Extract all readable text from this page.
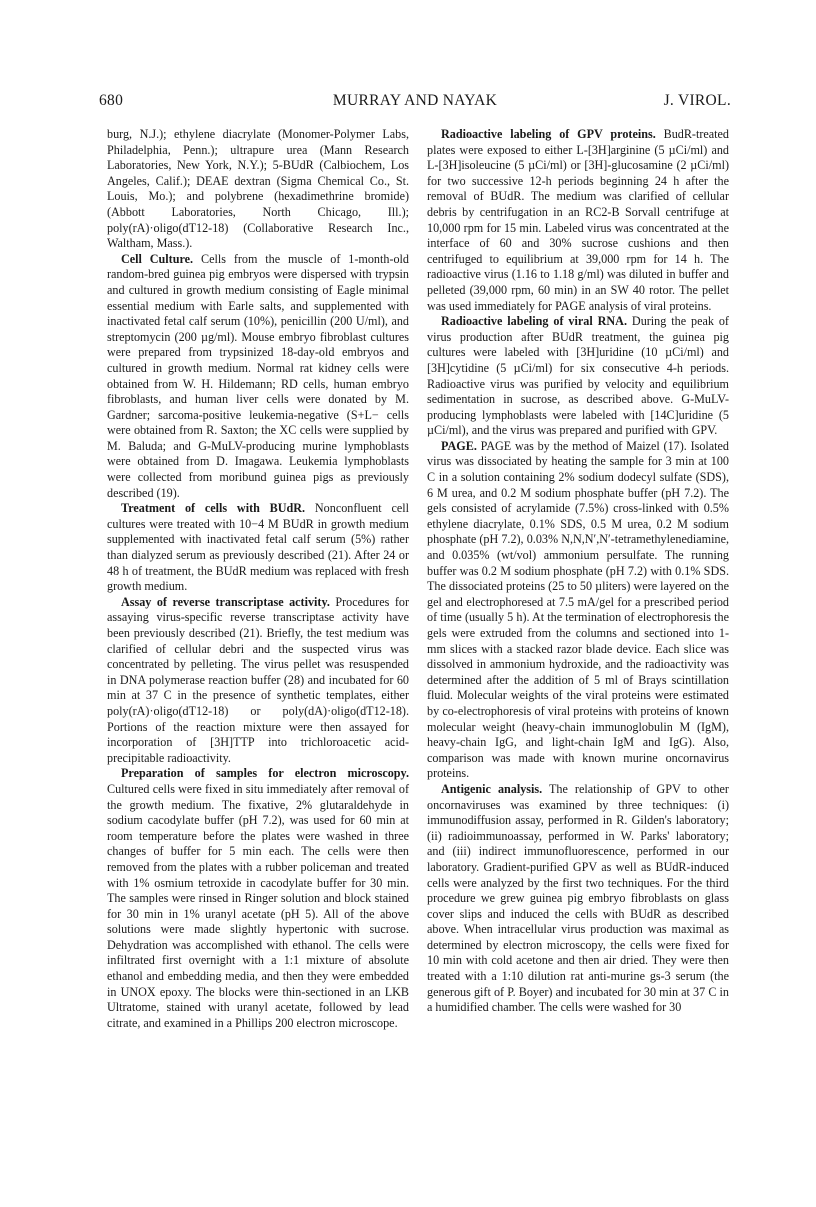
680	MURRAY AND NAYAK	J. VIROL.

burg, N.J.); ethylene diacrylate (Monomer-Polymer Labs, Philadelphia, Penn.); ultrapure urea (Mann Research Laboratories, New York, N.Y.); 5-BUdR (Calbiochem, Los Angeles, Calif.); DEAE dextran (Sigma Chemical Co., St. Louis, Mo.); and polybrene (hexadimethrine bromide) (Abbott Laboratories, North Chicago, Ill.); poly(rA)·oligo(dT12-18) (Collaborative Research Inc., Waltham, Mass.).

Cell Culture. Cells from the muscle of 1-month-old random-bred guinea pig embryos were dispersed with trypsin and cultured in growth medium consisting of Eagle minimal essential medium with Earle salts, and supplemented with inactivated fetal calf serum (10%), penicillin (200 U/ml), and streptomycin (200 µg/ml). Mouse embryo fibroblast cultures were prepared from trypsinized 18-day-old embryos and cultured in growth medium. Normal rat kidney cells were obtained from W. H. Hildemann; RD cells, human embryo fibroblasts, and human liver cells were donated by M. Gardner; sarcoma-positive leukemia-negative (S+L− cells were obtained from R. Saxton; the XC cells were supplied by M. Baluda; and G-MuLV-producing murine lymphoblasts were obtained from D. Imagawa. Leukemia lymphoblasts were collected from moribund guinea pigs as previously described (19).

Treatment of cells with BUdR. Nonconfluent cell cultures were treated with 10−4 M BUdR in growth medium supplemented with inactivated fetal calf serum (5%) rather than dialyzed serum as previously described (21). After 24 or 48 h of treatment, the BUdR medium was replaced with fresh growth medium.

Assay of reverse transcriptase activity. Procedures for assaying virus-specific reverse transcriptase activity have been previously described (21). Briefly, the test medium was clarified of cellular debri and the suspected virus was concentrated by pelleting. The virus pellet was resuspended in DNA polymerase reaction buffer (28) and incubated for 60 min at 37 C in the presence of synthetic templates, either poly(rA)·oligo(dT12-18) or poly(dA)·oligo(dT12-18). Portions of the reaction mixture were then assayed for incorporation of [3H]TTP into trichloroacetic acid-precipitable radioactivity.

Preparation of samples for electron microscopy. Cultured cells were fixed in situ immediately after removal of the growth medium. The fixative, 2% glutaraldehyde in sodium cacodylate buffer (pH 7.2), was used for 60 min at room temperature before the plates were washed in three changes of buffer for 5 min each. The cells were then removed from the plates with a rubber policeman and treated with 1% osmium tetroxide in cacodylate buffer for 30 min. The samples were rinsed in Ringer solution and block stained for 30 min in 1% uranyl acetate (pH 5). All of the above solutions were made slightly hypertonic with sucrose. Dehydration was accomplished with ethanol. The cells were infiltrated first overnight with a 1:1 mixture of absolute ethanol and embedding media, and then they were embedded in UNOX epoxy. The blocks were thin-sectioned in an LKB Ultratome, stained with uranyl acetate, followed by lead citrate, and examined in a Phillips 200 electron microscope.

Radioactive labeling of GPV proteins. BudR-treated plates were exposed to either L-[3H]arginine (5 µCi/ml) and L-[3H]isoleucine (5 µCi/ml) or [3H]-glucosamine (2 µCi/ml) for two successive 12-h periods beginning 24 h after the removal of BUdR. The medium was clarified of cellular debris by centrifugation in an RC2-B Sorvall centrifuge at 10,000 rpm for 15 min. Labeled virus was concentrated at the interface of 60 and 30% sucrose cushions and then centrifuged to equilibrium at 39,000 rpm for 14 h. The radioactive virus (1.16 to 1.18 g/ml) was diluted in buffer and pelleted (39,000 rpm, 60 min) in an SW 40 rotor. The pellet was used immediately for PAGE analysis of viral proteins.

Radioactive labeling of viral RNA. During the peak of virus production after BUdR treatment, the guinea pig cultures were labeled with [3H]uridine (10 µCi/ml) and [3H]cytidine (5 µCi/ml) for six consecutive 4-h periods. Radioactive virus was purified by velocity and equilibrium sedimentation in sucrose, as described above. G-MuLV-producing lymphoblasts were labeled with [14C]uridine (5 µCi/ml), and the virus was prepared and purified with GPV.

PAGE. PAGE was by the method of Maizel (17). Isolated virus was dissociated by heating the sample for 3 min at 100 C in a solution containing 2% sodium dodecyl sulfate (SDS), 6 M urea, and 0.2 M sodium phosphate buffer (pH 7.2). The gels consisted of acrylamide (7.5%) cross-linked with 0.5% ethylene diacrylate, 0.1% SDS, 0.5 M urea, 0.2 M sodium phosphate (pH 7.2), 0.03% N,N,N′,N′-tetramethylenediamine, and 0.035% (wt/vol) ammonium persulfate. The running buffer was 0.2 M sodium phosphate (pH 7.2) with 0.1% SDS. The dissociated proteins (25 to 50 µliters) were layered on the gel and electrophoresed at 7.5 mA/gel for a prescribed period of time (usually 5 h). At the termination of electrophoresis the gels were extruded from the columns and sectioned into 1-mm slices with a stacked razor blade device. Each slice was dissolved in ammonium hydroxide, and the radioactivity was determined after the addition of 5 ml of Brays scintillation fluid. Molecular weights of the viral proteins were estimated by co-electrophoresis of viral proteins with proteins of known molecular weight (heavy-chain immunoglobulin M (IgM), heavy-chain IgG, and light-chain IgM and IgG). Also, comparison was made with known murine oncornavirus proteins.

Antigenic analysis. The relationship of GPV to other oncornaviruses was examined by three techniques: (i) immunodiffusion assay, performed in R. Gilden's laboratory; (ii) radioimmunoassay, performed in W. Parks' laboratory; and (iii) indirect immunofluorescence, performed in our laboratory. Gradient-purified GPV as well as BUdR-induced cells were analyzed by the first two techniques. For the third procedure we grew guinea pig embryo fibroblasts on glass cover slips and induced the cells with BUdR as described above. When intracellular virus production was maximal as determined by electron microscopy, the cells were fixed for 10 min with cold acetone and then air dried. They were then treated with a 1:10 dilution rat anti-murine gs-3 serum (the generous gift of P. Boyer) and incubated for 30 min at 37 C in a humidified chamber. The cells were washed for 30
